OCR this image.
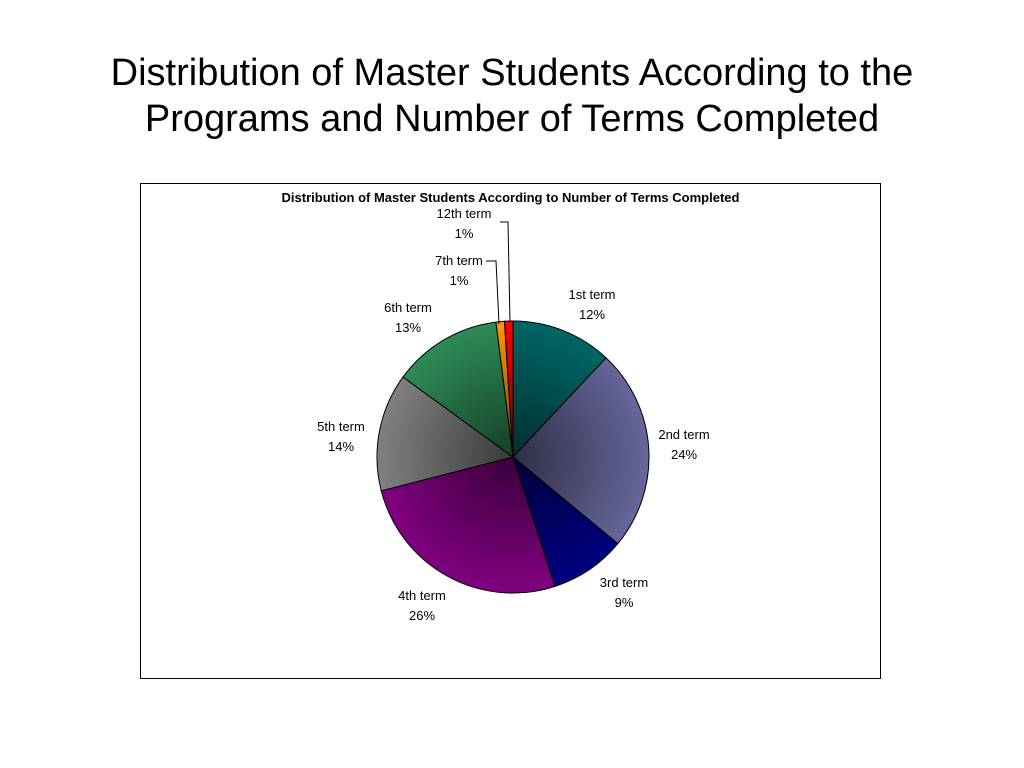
Distribution of Master Students According to the
Programs and Number of Terms Completed
Distribution of Master Students According to Number of Terms Completed
1st term
12%
2nd term
24%
3rd term
9%
4th term
26%
5th term
14%
6th term
13%
7th term
1%
12th term
1%
